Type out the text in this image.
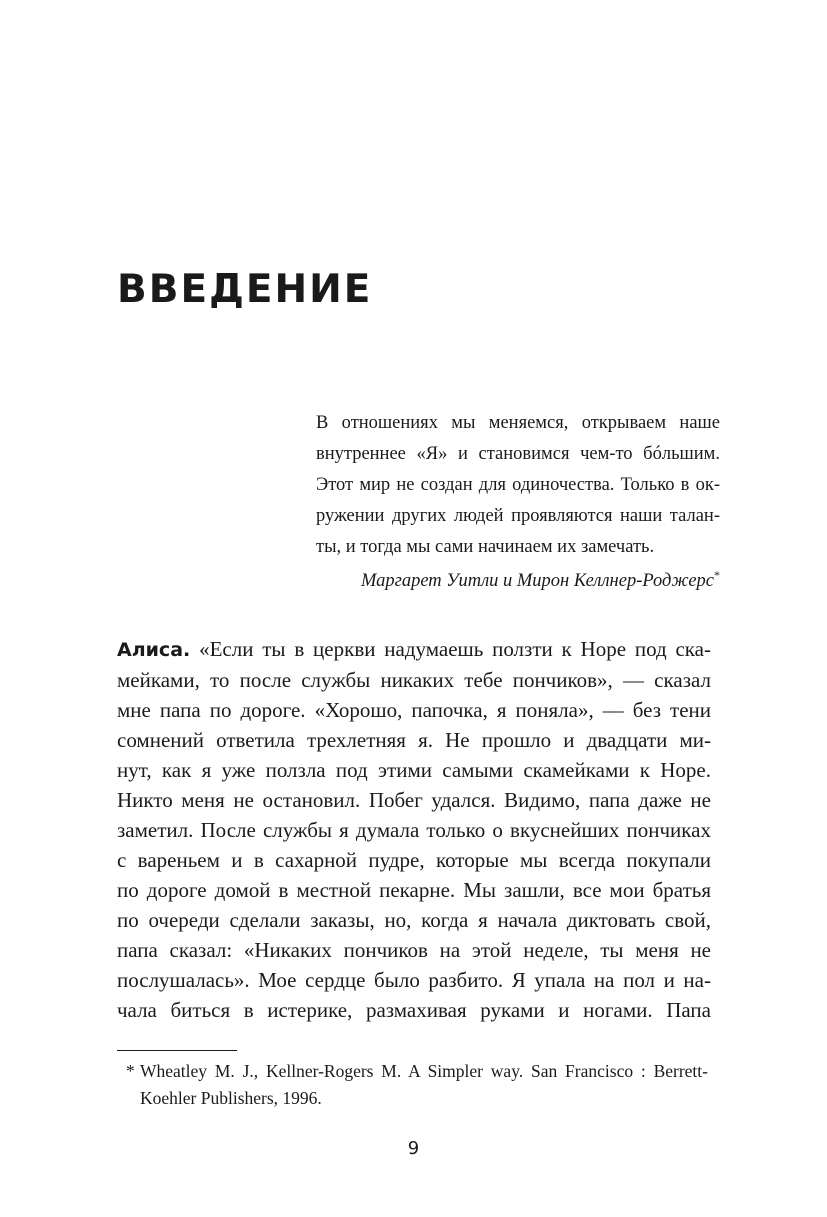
ВВЕДЕНИЕ
В отношениях мы меняемся, открываем наше
внутреннее «Я» и становимся чем-то бóльшим.
Этот мир не создан для одиночества. Только в ок-
ружении других людей проявляются наши талан-
ты, и тогда мы сами начинаем их замечать.
Маргарет Уитли и Мирон Келлнер-Роджерс*
Алиса. «Если ты в церкви надумаешь ползти к Норе под ска-
мейками, то после службы никаких тебе пончиков», — сказал
мне папа по дороге. «Хорошо, папочка, я поняла», — без тени
сомнений ответила трехлетняя я. Не прошло и двадцати ми-
нут, как я уже ползла под этими самыми скамейками к Норе.
Никто меня не остановил. Побег удался. Видимо, папа даже не
заметил. После службы я думала только о вкуснейших пончиках
с вареньем и в сахарной пудре, которые мы всегда покупали
по дороге домой в местной пекарне. Мы зашли, все мои братья
по очереди сделали заказы, но, когда я начала диктовать свой,
папа сказал: «Никаких пончиков на этой неделе, ты меня не
послушалась». Мое сердце было разбито. Я упала на пол и на-
чала биться в истерике, размахивая руками и ногами. Папа
* Wheatley M. J., Kellner-Rogers M. A Simpler way. San Francisco : Berrett-
Koehler Publishers, 1996.
9
